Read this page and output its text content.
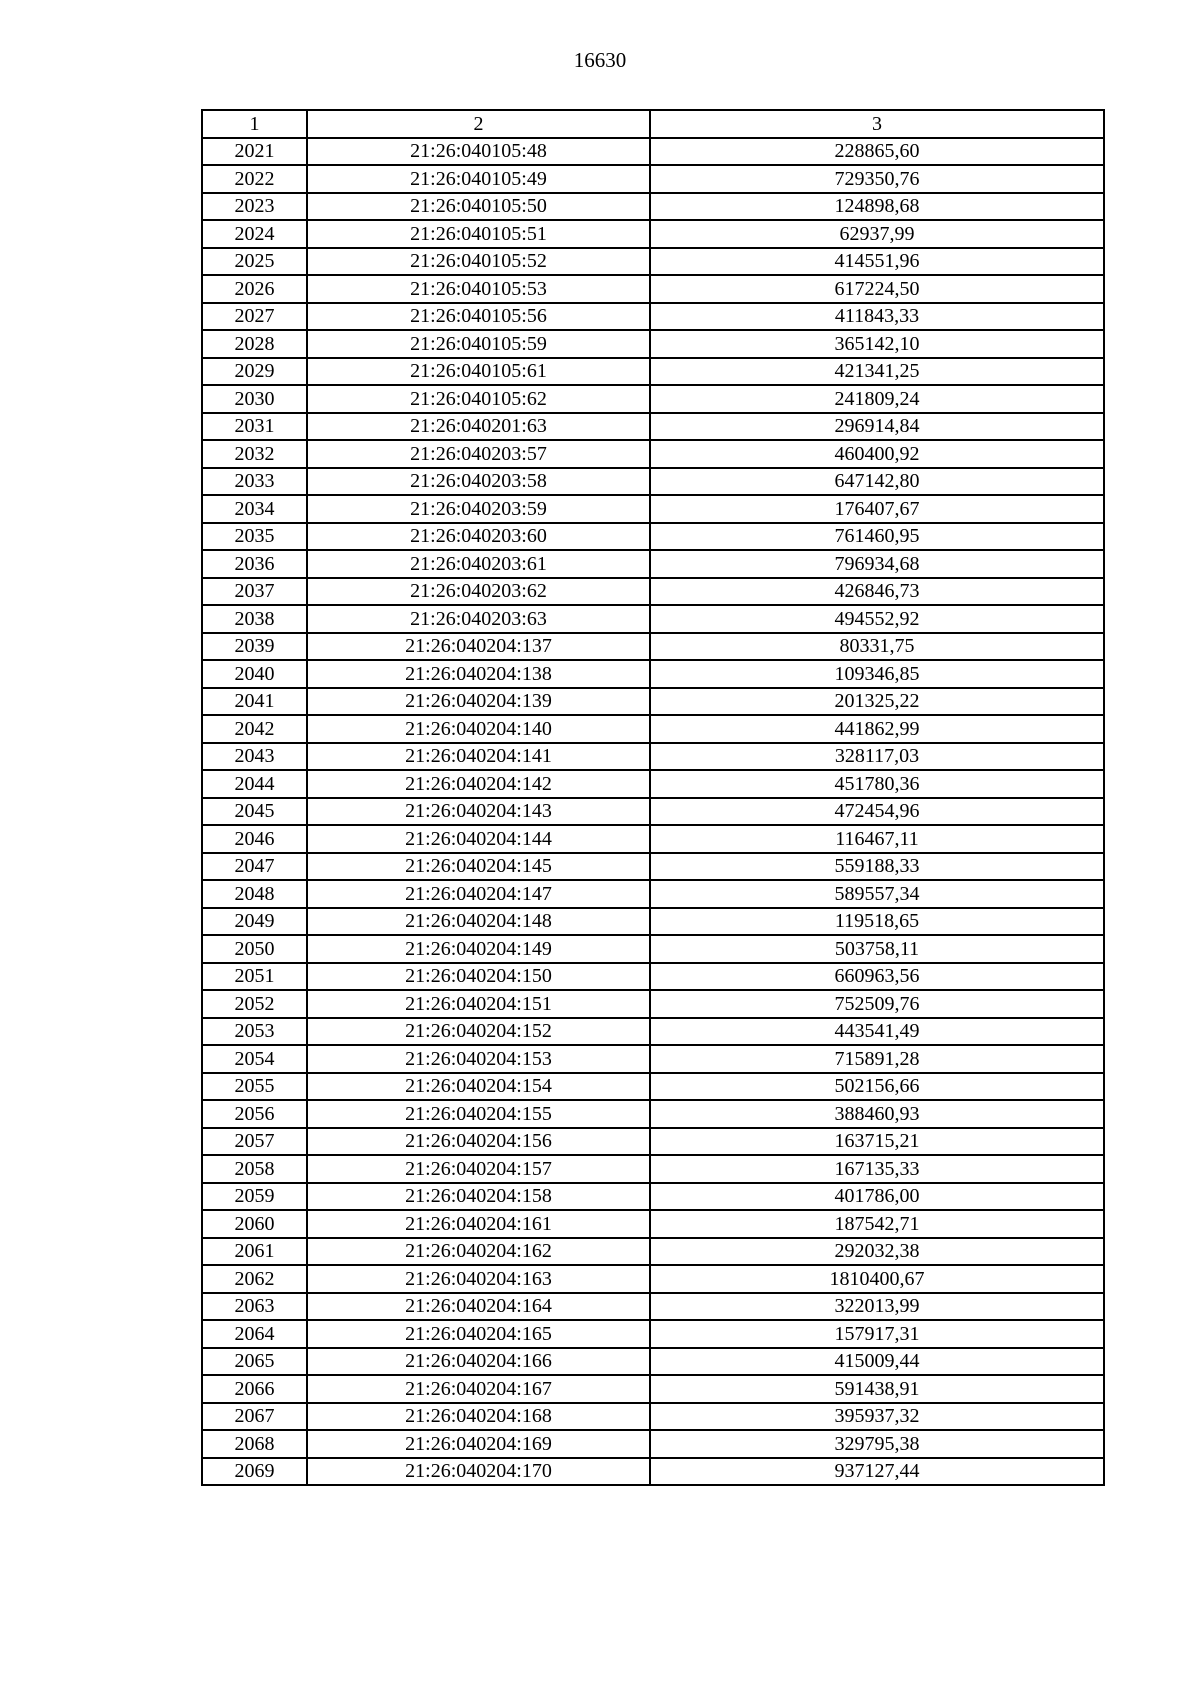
16630
1	2	3
2021	21:26:040105:48	228865,60
2022	21:26:040105:49	729350,76
2023	21:26:040105:50	124898,68
2024	21:26:040105:51	62937,99
2025	21:26:040105:52	414551,96
2026	21:26:040105:53	617224,50
2027	21:26:040105:56	411843,33
2028	21:26:040105:59	365142,10
2029	21:26:040105:61	421341,25
2030	21:26:040105:62	241809,24
2031	21:26:040201:63	296914,84
2032	21:26:040203:57	460400,92
2033	21:26:040203:58	647142,80
2034	21:26:040203:59	176407,67
2035	21:26:040203:60	761460,95
2036	21:26:040203:61	796934,68
2037	21:26:040203:62	426846,73
2038	21:26:040203:63	494552,92
2039	21:26:040204:137	80331,75
2040	21:26:040204:138	109346,85
2041	21:26:040204:139	201325,22
2042	21:26:040204:140	441862,99
2043	21:26:040204:141	328117,03
2044	21:26:040204:142	451780,36
2045	21:26:040204:143	472454,96
2046	21:26:040204:144	116467,11
2047	21:26:040204:145	559188,33
2048	21:26:040204:147	589557,34
2049	21:26:040204:148	119518,65
2050	21:26:040204:149	503758,11
2051	21:26:040204:150	660963,56
2052	21:26:040204:151	752509,76
2053	21:26:040204:152	443541,49
2054	21:26:040204:153	715891,28
2055	21:26:040204:154	502156,66
2056	21:26:040204:155	388460,93
2057	21:26:040204:156	163715,21
2058	21:26:040204:157	167135,33
2059	21:26:040204:158	401786,00
2060	21:26:040204:161	187542,71
2061	21:26:040204:162	292032,38
2062	21:26:040204:163	1810400,67
2063	21:26:040204:164	322013,99
2064	21:26:040204:165	157917,31
2065	21:26:040204:166	415009,44
2066	21:26:040204:167	591438,91
2067	21:26:040204:168	395937,32
2068	21:26:040204:169	329795,38
2069	21:26:040204:170	937127,44
